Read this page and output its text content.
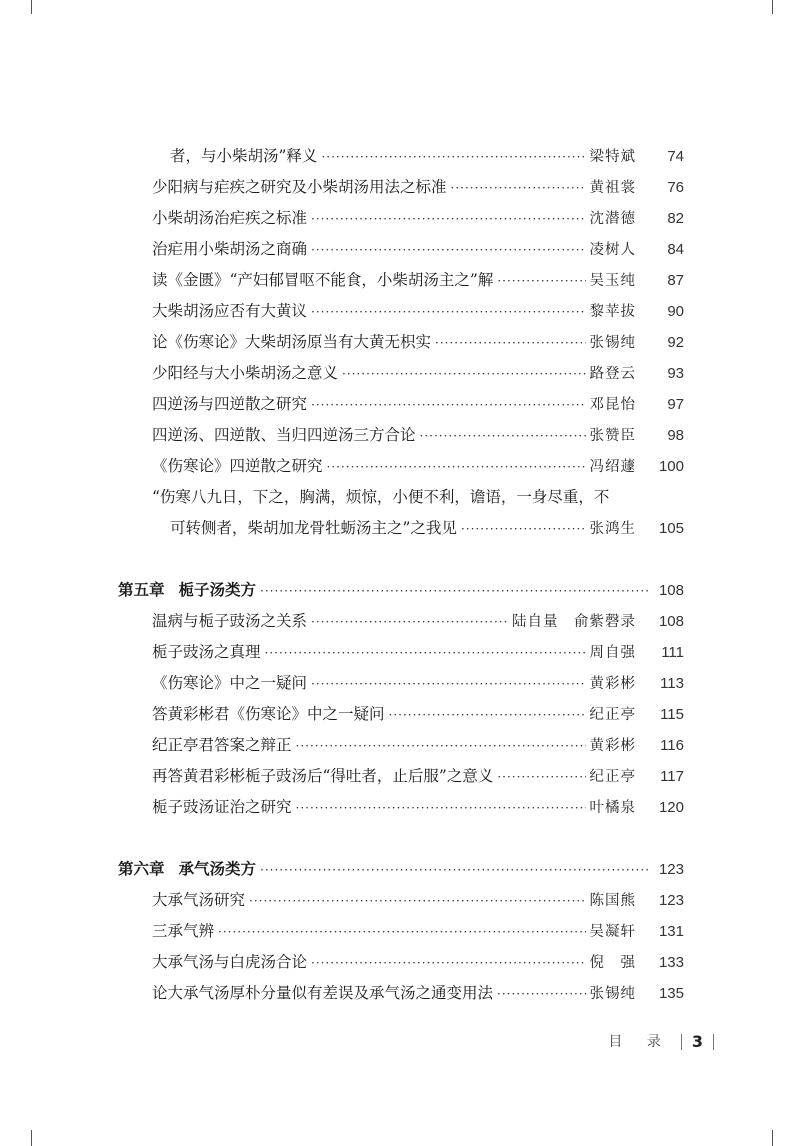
者，与小柴胡汤”释义 ·····	梁特斌	74
少阳病与疟疾之研究及小柴胡汤用法之标准 ·····	黄祖裳	76
小柴胡汤治疟疾之标准 ·····	沈潜德	82
治疟用小柴胡汤之商确 ·····	凌树人	84
读《金匮》“产妇郁冒呕不能食，小柴胡汤主之”解 ·····	吴玉纯	87
大柴胡汤应否有大黄议 ·····	黎苹拔	90
论《伤寒论》大柴胡汤原当有大黄无枳实 ·····	张锡纯	92
少阳经与大小柴胡汤之意义 ·····	路登云	93
四逆汤与四逆散之研究 ·····	邓昆怡	97
四逆汤、四逆散、当归四逆汤三方合论 ·····	张赞臣	98
《伤寒论》四逆散之研究 ·····	冯绍蘧	100
“伤寒八九日，下之，胸满，烦惊，小便不利，谵语，一身尽重，不
可转侧者，柴胡加龙骨牡蛎汤主之”之我见 ·····	张鸿生	105
第五章 栀子汤类方 ·····	108
温病与栀子豉汤之关系 ·····	陆自量　俞紫磬录	108
栀子豉汤之真理 ·····	周自强	111
《伤寒论》中之一疑问 ·····	黄彩彬	113
答黄彩彬君《伤寒论》中之一疑问 ·····	纪正亭	115
纪正亭君答案之辩正 ·····	黄彩彬	116
再答黄君彩彬栀子豉汤后“得吐者，止后服”之意义 ·····	纪正亭	117
栀子豉汤证治之研究 ·····	叶橘泉	120
第六章 承气汤类方 ·····	123
大承气汤研究 ·····	陈国熊	123
三承气辨 ·····	吴凝轩	131
大承气汤与白虎汤合论 ·····	倪　强	133
论大承气汤厚朴分量似有差误及承气汤之通变用法 ·····	张锡纯	135
目 录 3
